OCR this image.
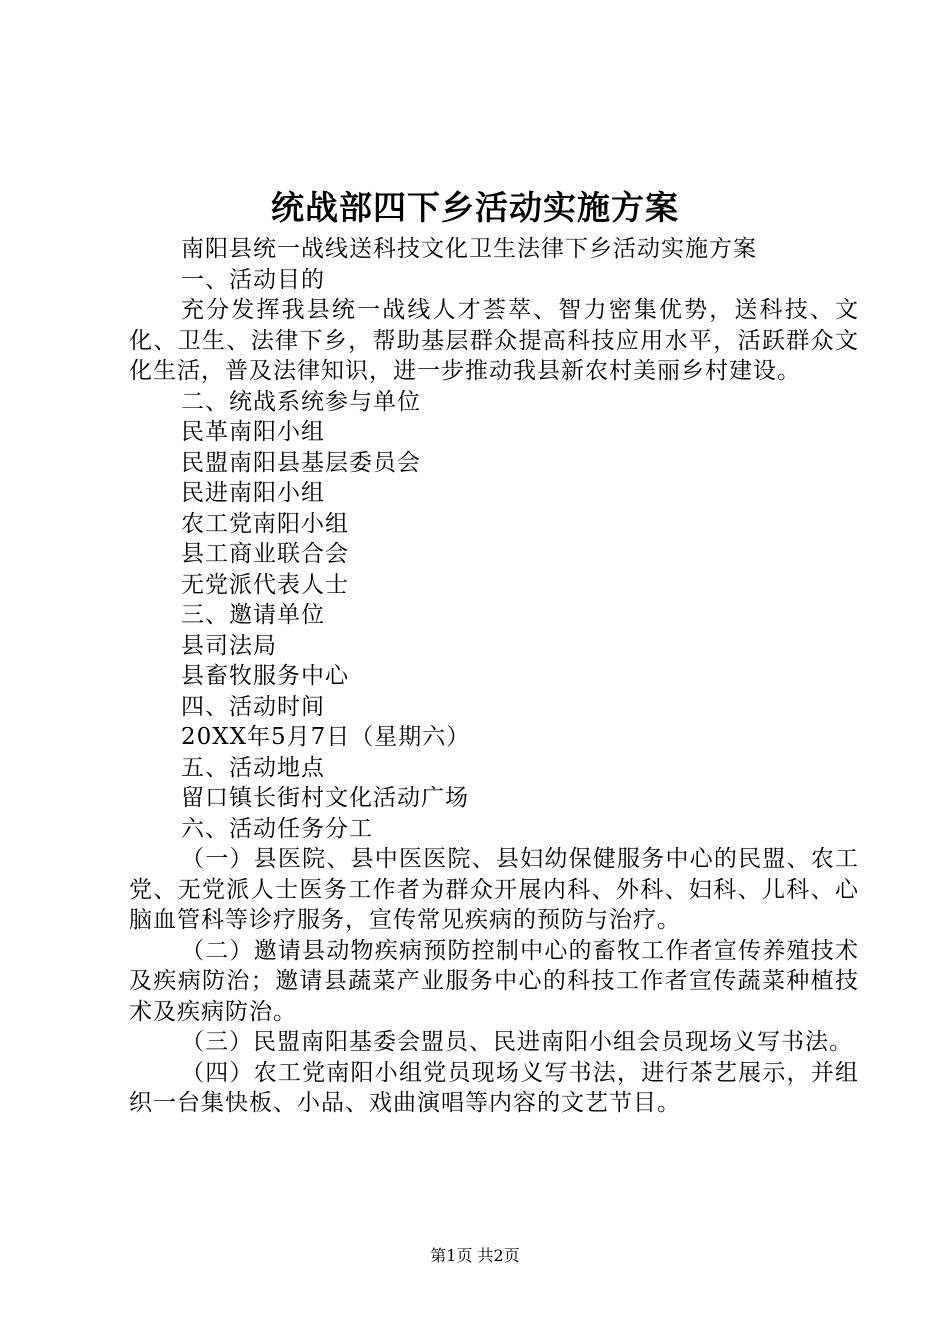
统战部四下乡活动实施方案

南阳县统一战线送科技文化卫生法律下乡活动实施方案

一、活动目的

充分发挥我县统一战线人才荟萃、智力密集优势，送科技、文化、卫生、法律下乡，帮助基层群众提高科技应用水平，活跃群众文化生活，普及法律知识，进一步推动我县新农村美丽乡村建设。

二、统战系统参与单位

民革南阳小组

民盟南阳县基层委员会

民进南阳小组

农工党南阳小组

县工商业联合会

无党派代表人士

三、邀请单位

县司法局

县畜牧服务中心

四、活动时间

20XX年5月7日（星期六）

五、活动地点

留口镇长街村文化活动广场

六、活动任务分工

（一）县医院、县中医医院、县妇幼保健服务中心的民盟、农工党、无党派人士医务工作者为群众开展内科、外科、妇科、儿科、心脑血管科等诊疗服务，宣传常见疾病的预防与治疗。

（二）邀请县动物疾病预防控制中心的畜牧工作者宣传养殖技术及疾病防治；邀请县蔬菜产业服务中心的科技工作者宣传蔬菜种植技术及疾病防治。

（三）民盟南阳基委会盟员、民进南阳小组会员现场义写书法。

（四）农工党南阳小组党员现场义写书法，进行茶艺展示，并组织一台集快板、小品、戏曲演唱等内容的文艺节目。

第1页 共2页
